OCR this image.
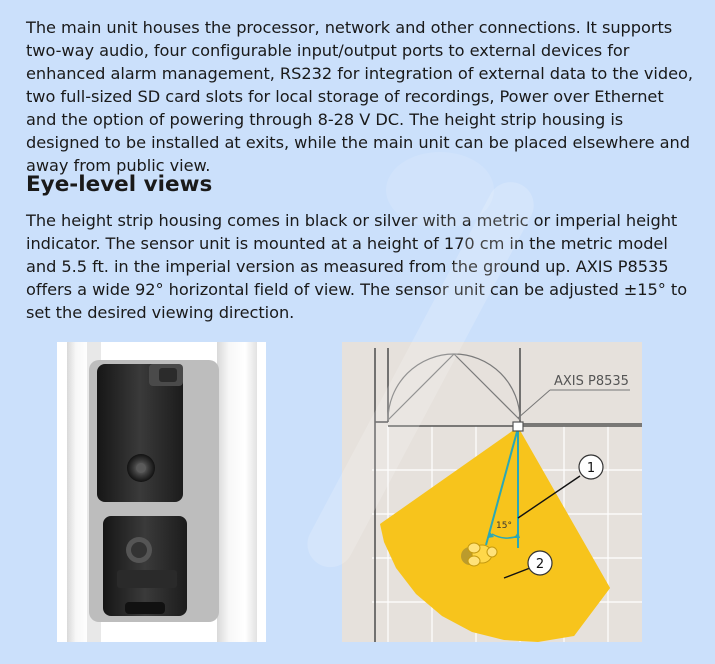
The main unit houses the processor, network and other connections. It supports two-way audio, four configurable input/output ports to external devices for enhanced alarm management, RS232 for integration of external data to the video, two full-sized SD card slots for local storage of recordings, Power over Ethernet and the option of powering through 8-28 V DC. The height strip housing is designed to be installed at exits, while the main unit can be placed elsewhere and away from public view.

Eye-level views

The height strip housing comes in black or silver with a metric or imperial height indicator. The sensor unit is mounted at a height of 170 cm in the metric model and 5.5 ft. in the imperial version as measured from the ground up. AXIS P8535 offers a wide 92° horizontal field of view. The sensor unit can be adjusted ±15° to set the desired viewing direction.

15°
AXIS P8535
1
2
